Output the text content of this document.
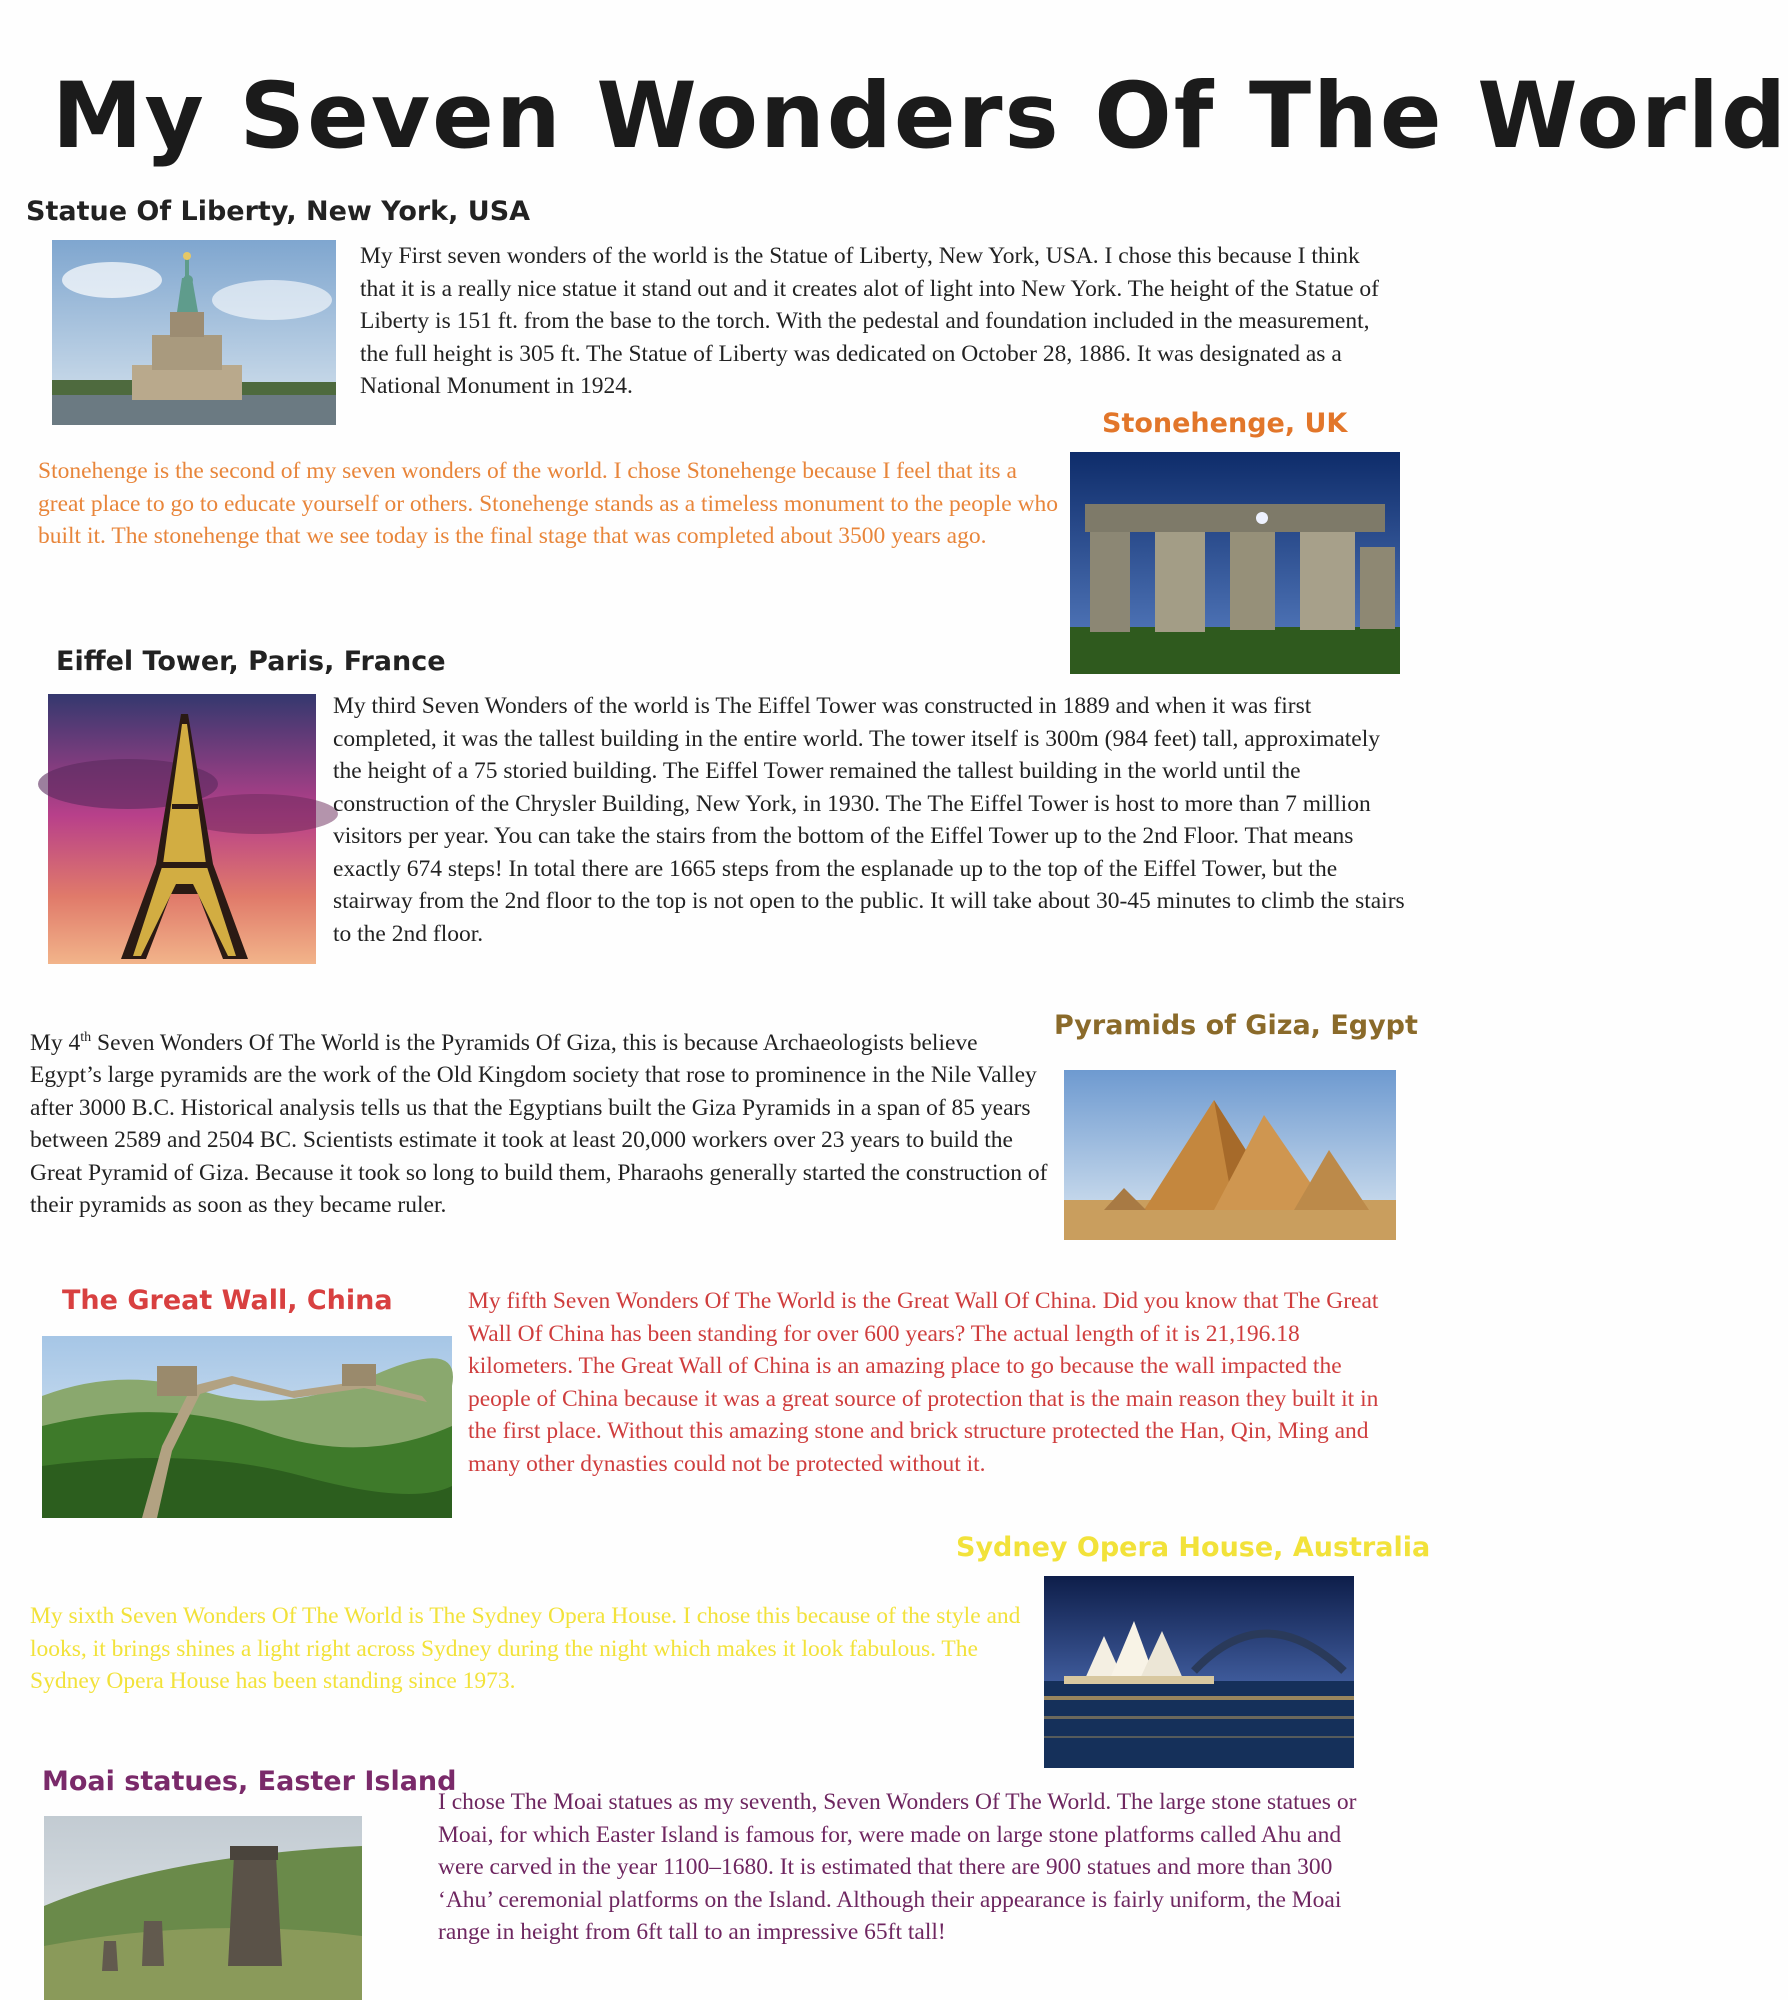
My Seven Wonders Of The World
Statue Of Liberty, New York, USA
My First seven wonders of the world is the Statue of Liberty, New York, USA. I chose this because I think that it is a really nice statue it stand out and it creates alot of light into New York. The height of the Statue of Liberty is 151 ft. from the base to the torch. With the pedestal and foundation included in the measurement, the full height is 305 ft. The Statue of Liberty was dedicated on October 28, 1886. It was designated as a National Monument in 1924.
Stonehenge, UK
Stonehenge is the second of my seven wonders of the world. I chose Stonehenge because I feel that its a great place to go to educate yourself or others. Stonehenge stands as a timeless monument to the people who built it. The stonehenge that we see today is the final stage that was completed about 3500 years ago.
Eiffel Tower, Paris, France
My third Seven Wonders of the world is The Eiffel Tower was constructed in 1889 and when it was first completed, it was the tallest building in the entire world. The tower itself is 300m (984 feet) tall, approximately the height of a 75 storied building. The Eiffel Tower remained the tallest building in the world until the construction of the Chrysler Building, New York, in 1930. The The Eiffel Tower is host to more than 7 million visitors per year. You can take the stairs from the bottom of the Eiffel Tower up to the 2nd Floor. That means exactly 674 steps! In total there are 1665 steps from the esplanade up to the top of the Eiffel Tower, but the stairway from the 2nd floor to the top is not open to the public. It will take about 30-45 minutes to climb the stairs to the 2nd floor.
Pyramids of Giza, Egypt
My 4th Seven Wonders Of The World is the Pyramids Of Giza, this is because Archaeologists believe Egypt’s large pyramids are the work of the Old Kingdom society that rose to prominence in the Nile Valley after 3000 B.C. Historical analysis tells us that the Egyptians built the Giza Pyramids in a span of 85 years between 2589 and 2504 BC. Scientists estimate it took at least 20,000 workers over 23 years to build the Great Pyramid of Giza. Because it took so long to build them, Pharaohs generally started the construction of their pyramids as soon as they became ruler.
The Great Wall, China	My fifth Seven Wonders Of The World is the Great Wall Of China. Did you know that The Great Wall Of China has been standing for over 600 years? The actual length of it is 21,196.18 kilometers. The Great Wall of China is an amazing place to go because the wall impacted the people of China because it was a great source of protection that is the main reason they built it in the first place. Without this amazing stone and brick structure protected the Han, Qin, Ming and many other dynasties could not be protected without it.
Sydney Opera House, Australia
My sixth Seven Wonders Of The World is The Sydney Opera House. I chose this because of the style and looks, it brings shines a light right across Sydney during the night which makes it look fabulous. The Sydney Opera House has been standing since 1973.
Moai statues, Easter Island
I chose The Moai statues as my seventh, Seven Wonders Of The World. The large stone statues or Moai, for which Easter Island is famous for, were made on large stone platforms called Ahu and were carved in the year 1100–1680. It is estimated that there are 900 statues and more than 300 ‘Ahu’ ceremonial platforms on the Island. Although their appearance is fairly uniform, the Moai range in height from 6ft tall to an impressive 65ft tall!
